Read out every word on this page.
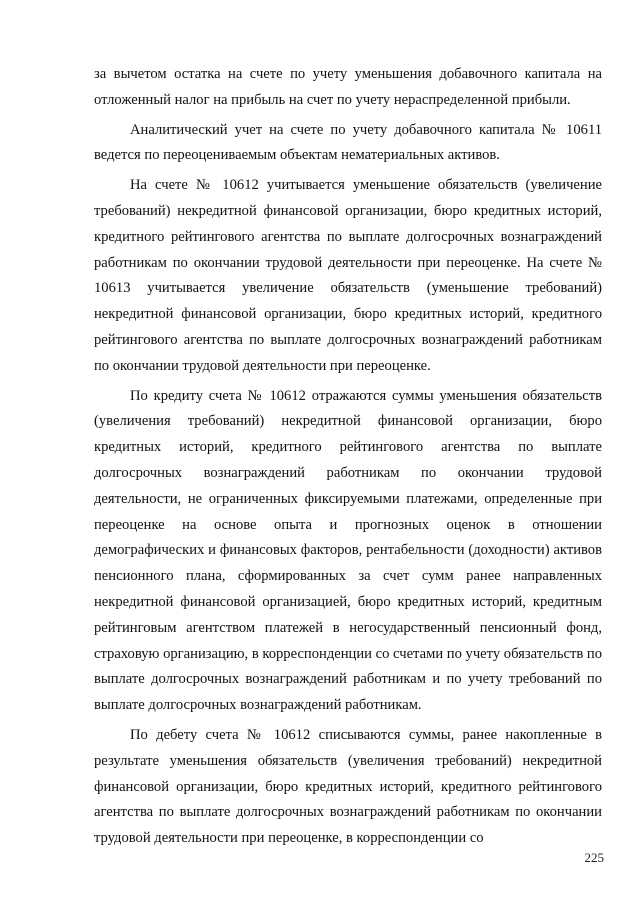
за вычетом остатка на счете по учету уменьшения добавочного капитала на отложенный налог на прибыль на счет по учету нераспределенной прибыли.

Аналитический учет на счете по учету добавочного капитала № 10611 ведется по переоцениваемым объектам нематериальных активов.

На счете № 10612 учитывается уменьшение обязательств (увеличение требований) некредитной финансовой организации, бюро кредитных историй, кредитного рейтингового агентства по выплате долгосрочных вознаграждений работникам по окончании трудовой деятельности при переоценке. На счете № 10613 учитывается увеличение обязательств (уменьшение требований) некредитной финансовой организации, бюро кредитных историй, кредитного рейтингового агентства по выплате долгосрочных вознаграждений работникам по окончании трудовой деятельности при переоценке.

По кредиту счета № 10612 отражаются суммы уменьшения обязательств (увеличения требований) некредитной финансовой организации, бюро кредитных историй, кредитного рейтингового агентства по выплате долгосрочных вознаграждений работникам по окончании трудовой деятельности, не ограниченных фиксируемыми платежами, определенные при переоценке на основе опыта и прогнозных оценок в отношении демографических и финансовых факторов, рентабельности (доходности) активов пенсионного плана, сформированных за счет сумм ранее направленных некредитной финансовой организацией, бюро кредитных историй, кредитным рейтинговым агентством платежей в негосударственный пенсионный фонд, страховую организацию, в корреспонденции со счетами по учету обязательств по выплате долгосрочных вознаграждений работникам и по учету требований по выплате долгосрочных вознаграждений работникам.

По дебету счета № 10612 списываются суммы, ранее накопленные в результате уменьшения обязательств (увеличения требований) некредитной финансовой организации, бюро кредитных историй, кредитного рейтингового агентства по выплате долгосрочных вознаграждений работникам по окончании трудовой деятельности при переоценке, в корреспонденции со

225
